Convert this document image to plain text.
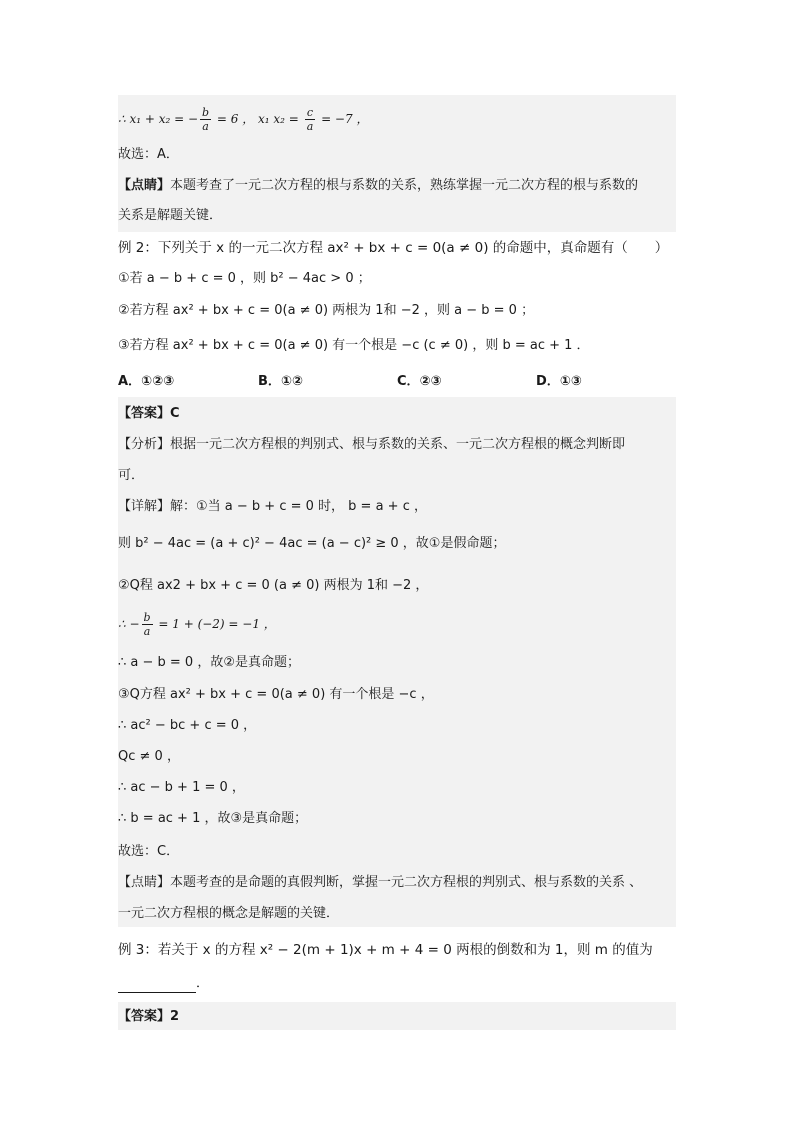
∴ x₁ + x₂ = − $\frac{b}{a} = 6$ ， x₁ $x_2 = \frac{c}{a} = -7$ ，
故选：A．
【点睛】本题考查了一元二次方程的根与系数的关系，熟练掌握一元二次方程的根与系数的
关系是解题关键．
例 2：下列关于 x 的一元二次方程 ax² + bx + c = 0(a ≠ 0) 的命题中，真命题有（　　）
①若 a − b + c = 0 ，则 b² − 4ac > 0 ；
②若方程 ax² + bx + c = 0(a ≠ 0) 两根为 1和 −2 ，则 a − b = 0 ；
③若方程 ax² + bx + c = 0(a ≠ 0) 有一个根是 −c (c ≠ 0) ，则 b = ac + 1 ．
A．①②③	B．①②	C．②③	D．①③
【答案】C
【分析】根据一元二次方程根的判别式、根与系数的关系、一元二次方程根的概念判断即
可．
【详解】解：①当 a − b + c = 0 时， b = a + c ，
则 b² − 4ac = (a + c)² − 4ac = (a − c)² ≥ 0 ，故①是假命题；
②Q程 ax2 + bx + c = 0 (a ≠ 0) 两根为 1和 −2 ，
∴ − $\frac{b}{a} = 1 + (-2) = -1$ ，
∴ a − b = 0 ，故②是真命题；
③Q方程 ax² + bx + c = 0(a ≠ 0) 有一个根是 −c ，
∴ ac² − bc + c = 0 ，
Qc ≠ 0 ，
∴ ac − b + 1 = 0 ，
∴ b = ac + 1 ，故③是真命题；
故选：C．
【点睛】本题考查的是命题的真假判断，掌握一元二次方程根的判别式、根与系数的关系 、
一元二次方程根的概念是解题的关键．
例 3：若关于 x 的方程 x² − 2(m + 1)x + m + 4 = 0 两根的倒数和为 1，则 m 的值为
．
【答案】2
